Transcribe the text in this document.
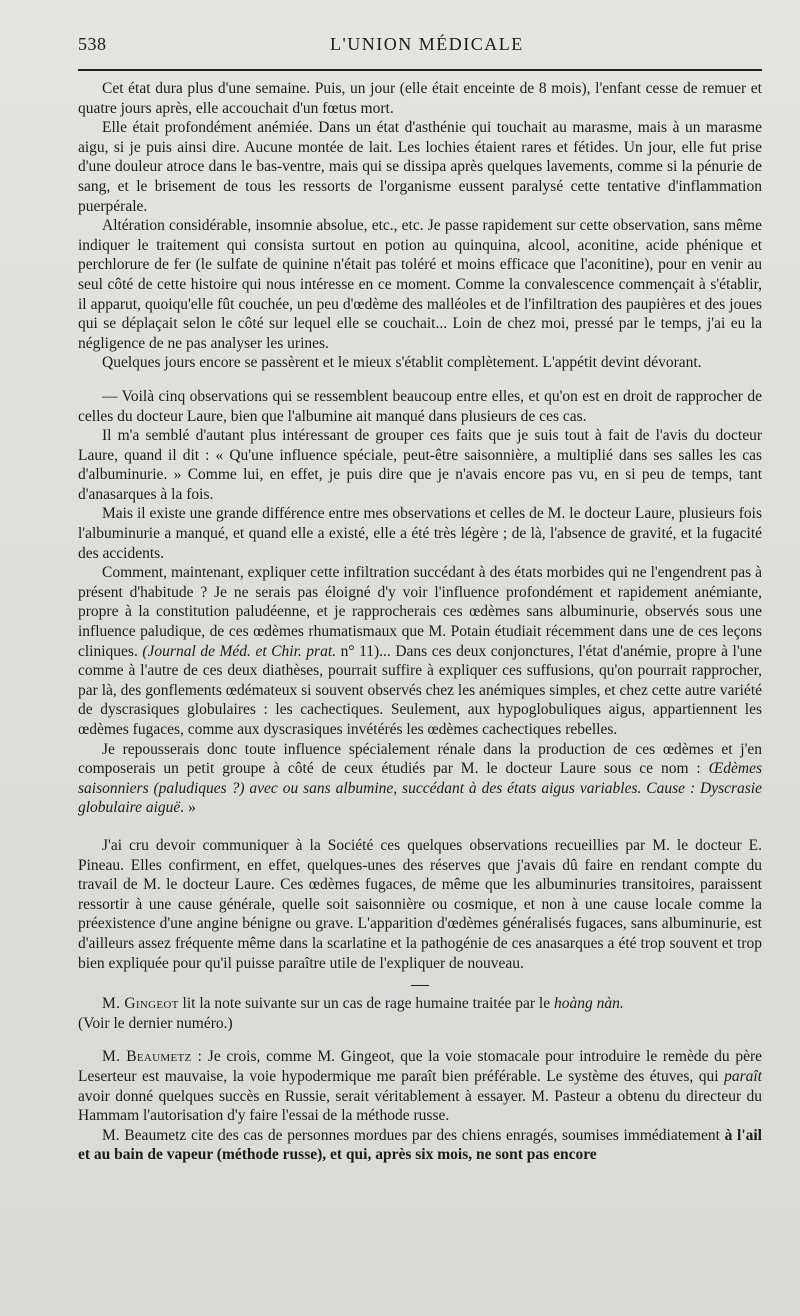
538	L'UNION MÉDICALE

Cet état dura plus d'une semaine. Puis, un jour (elle était enceinte de 8 mois), l'enfant cesse de remuer et quatre jours après, elle accouchait d'un fœtus mort.

Elle était profondément anémiée. Dans un état d'asthénie qui touchait au marasme, mais à un marasme aigu, si je puis ainsi dire. Aucune montée de lait. Les lochies étaient rares et fétides. Un jour, elle fut prise d'une douleur atroce dans le bas-ventre, mais qui se dissipa après quelques lavements, comme si la pénurie de sang, et le brisement de tous les ressorts de l'organisme eussent paralysé cette tentative d'inflammation puerpérale.

Altération considérable, insomnie absolue, etc., etc. Je passe rapidement sur cette observation, sans même indiquer le traitement qui consista surtout en potion au quinquina, alcool, aconitine, acide phénique et perchlorure de fer (le sulfate de quinine n'était pas toléré et moins efficace que l'aconitine), pour en venir au seul côté de cette histoire qui nous intéresse en ce moment. Comme la convalescence commençait à s'établir, il apparut, quoiqu'elle fût couchée, un peu d'œdème des malléoles et de l'infiltration des paupières et des joues qui se déplaçait selon le côté sur lequel elle se couchait... Loin de chez moi, pressé par le temps, j'ai eu la négligence de ne pas analyser les urines.

Quelques jours encore se passèrent et le mieux s'établit complètement. L'appétit devint dévorant.

— Voilà cinq observations qui se ressemblent beaucoup entre elles, et qu'on est en droit de rapprocher de celles du docteur Laure, bien que l'albumine ait manqué dans plusieurs de ces cas.

Il m'a semblé d'autant plus intéressant de grouper ces faits que je suis tout à fait de l'avis du docteur Laure, quand il dit : « Qu'une influence spéciale, peut-être saisonnière, a multiplié dans ses salles les cas d'albuminurie. » Comme lui, en effet, je puis dire que je n'avais encore pas vu, en si peu de temps, tant d'anasarques à la fois.

Mais il existe une grande différence entre mes observations et celles de M. le docteur Laure, plusieurs fois l'albuminurie a manqué, et quand elle a existé, elle a été très légère ; de là, l'absence de gravité, et la fugacité des accidents.

Comment, maintenant, expliquer cette infiltration succédant à des états morbides qui ne l'engendrent pas à présent d'habitude ? Je ne serais pas éloigné d'y voir l'influence profondément et rapidement anémiante, propre à la constitution paludéenne, et je rapprocherais ces œdèmes sans albuminurie, observés sous une influence paludique, de ces œdèmes rhumatismaux que M. Potain étudiait récemment dans une de ces leçons cliniques. (Journal de Méd. et Chir. prat. n° 11)... Dans ces deux conjonctures, l'état d'anémie, propre à l'une comme à l'autre de ces deux diathèses, pourrait suffire à expliquer ces suffusions, qu'on pourrait rapprocher, par là, des gonflements œdémateux si souvent observés chez les anémiques simples, et chez cette autre variété de dyscrasiques globulaires : les cachectiques. Seulement, aux hypoglobuliques aigus, appartiennent les œdèmes fugaces, comme aux dyscrasiques invétérés les œdèmes cachectiques rebelles.

Je repousserais donc toute influence spécialement rénale dans la production de ces œdèmes et j'en composerais un petit groupe à côté de ceux étudiés par M. le docteur Laure sous ce nom : Œdèmes saisonniers (paludiques ?) avec ou sans albumine, succédant à des états aigus variables. Cause : Dyscrasie globulaire aiguë. »

J'ai cru devoir communiquer à la Société ces quelques observations recueillies par M. le docteur E. Pineau. Elles confirment, en effet, quelques-unes des réserves que j'avais dû faire en rendant compte du travail de M. le docteur Laure. Ces œdèmes fugaces, de même que les albuminuries transitoires, paraissent ressortir à une cause générale, quelle soit saisonnière ou cosmique, et non à une cause locale comme la préexistence d'une angine bénigne ou grave. L'apparition d'œdèmes généralisés fugaces, sans albuminurie, est d'ailleurs assez fréquente même dans la scarlatine et la pathogénie de ces anasarques a été trop souvent et trop bien expliquée pour qu'il puisse paraître utile de l'expliquer de nouveau.

M. Gingeot lit la note suivante sur un cas de rage humaine traitée par le hoàng nàn.
(Voir le dernier numéro.)

M. Beaumetz : Je crois, comme M. Gingeot, que la voie stomacale pour introduire le remède du père Leserteur est mauvaise, la voie hypodermique me paraît bien préférable. Le système des étuves, qui paraît avoir donné quelques succès en Russie, serait véritablement à essayer. M. Pasteur a obtenu du directeur du Hammam l'autorisation d'y faire l'essai de la méthode russe.

M. Beaumetz cite des cas de personnes mordues par des chiens enragés, soumises immédiatement à l'ail et au bain de vapeur (méthode russe), et qui, après six mois, ne sont pas encore
